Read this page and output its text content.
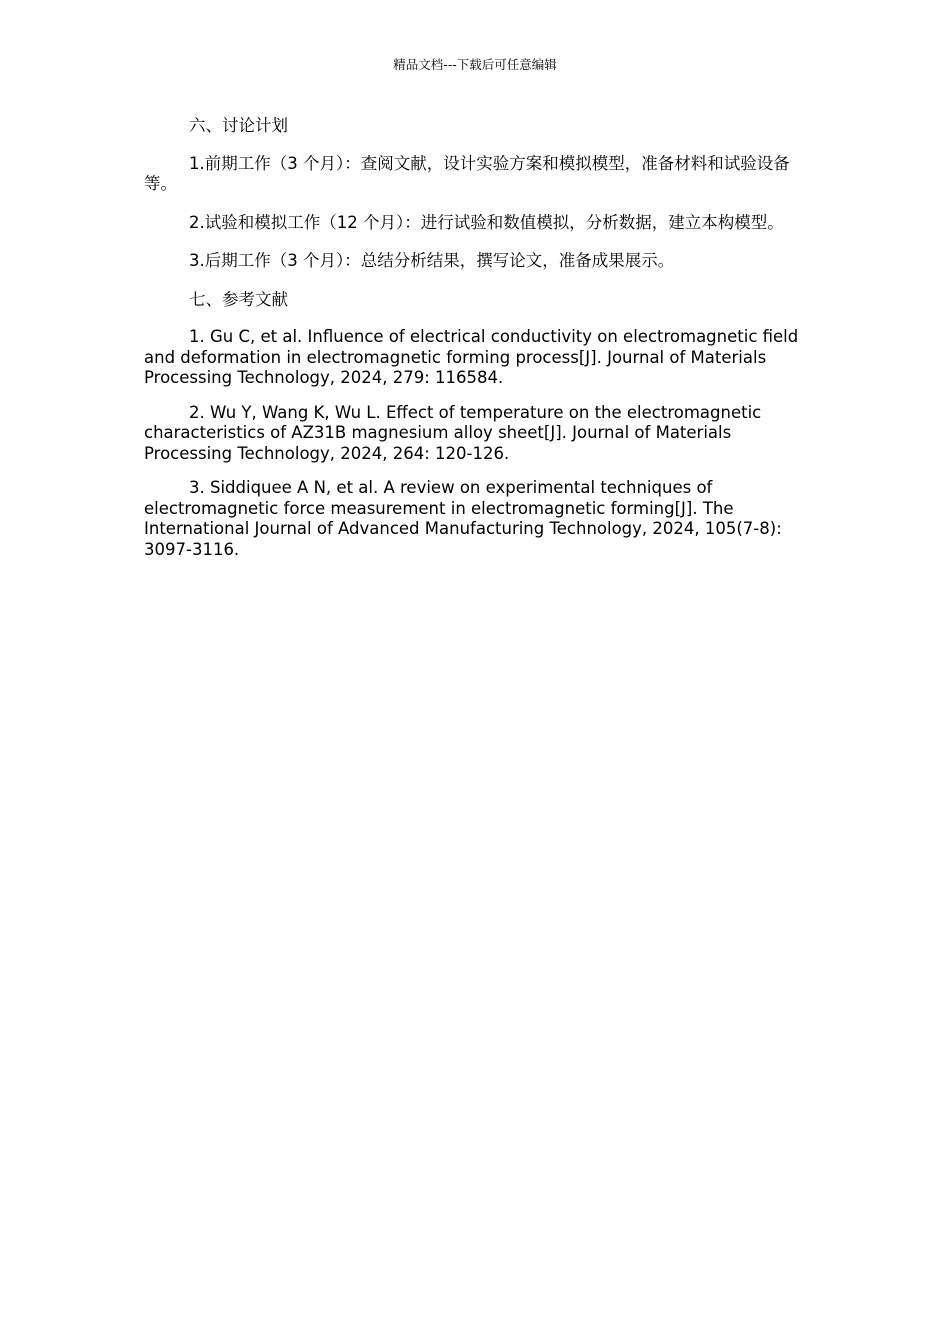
精品文档---下载后可任意编辑

六、讨论计划

1.前期工作（3 个月）：查阅文献，设计实验方案和模拟模型，准备材料和试验设备等。

2.试验和模拟工作（12 个月）：进行试验和数值模拟，分析数据，建立本构模型。

3.后期工作（3 个月）：总结分析结果，撰写论文，准备成果展示。

七、参考文献

1. Gu C, et al. Influence of electrical conductivity on electromagnetic field and deformation in electromagnetic forming process[J]. Journal of Materials Processing Technology, 2024, 279: 116584.

2. Wu Y, Wang K, Wu L. Effect of temperature on the electromagnetic characteristics of AZ31B magnesium alloy sheet[J]. Journal of Materials Processing Technology, 2024, 264: 120-126.

3. Siddiquee A N, et al. A review on experimental techniques of electromagnetic force measurement in electromagnetic forming[J]. The International Journal of Advanced Manufacturing Technology, 2024, 105(7-8): 3097-3116.
